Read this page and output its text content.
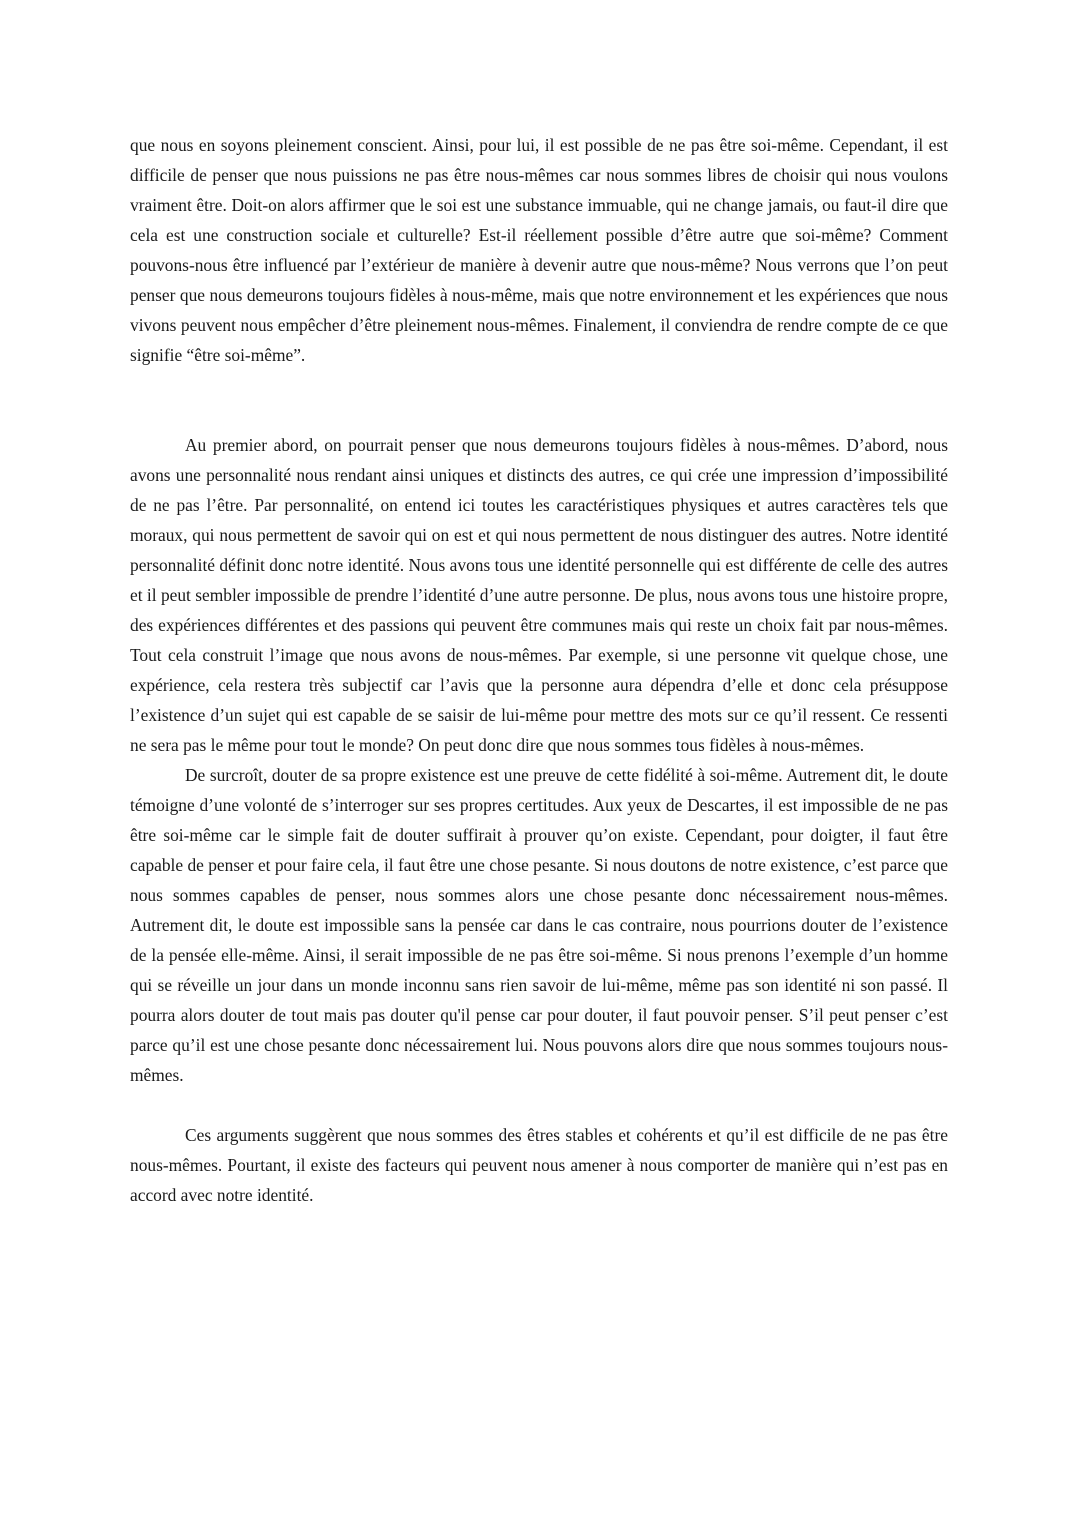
que nous en soyons pleinement conscient. Ainsi, pour lui, il est possible de ne pas être soi-même. Cependant, il est difficile de penser que nous puissions ne pas être nous-mêmes car nous sommes libres de choisir qui nous voulons vraiment être. Doit-on alors affirmer que le soi est une substance immuable, qui ne change jamais, ou faut-il dire que cela est une construction sociale et culturelle? Est-il réellement possible d’être autre que soi-même? Comment pouvons-nous être influencé par l’extérieur de manière à devenir autre que nous-même? Nous verrons que l’on peut penser que nous demeurons toujours fidèles à nous-même, mais que notre environnement et les expériences que nous vivons peuvent nous empêcher d’être pleinement nous-mêmes. Finalement, il conviendra de rendre compte de ce que signifie “être soi-même”.

Au premier abord, on pourrait penser que nous demeurons toujours fidèles à nous-mêmes. D’abord, nous avons une personnalité nous rendant ainsi uniques et distincts des autres, ce qui crée une impression d’impossibilité de ne pas l’être. Par personnalité, on entend ici toutes les caractéristiques physiques et autres caractères tels que moraux, qui nous permettent de savoir qui on est et qui nous permettent de nous distinguer des autres. Notre identité personnalité définit donc notre identité. Nous avons tous une identité personnelle qui est différente de celle des autres et il peut sembler impossible de prendre l’identité d’une autre personne. De plus, nous avons tous une histoire propre, des expériences différentes et des passions qui peuvent être communes mais qui reste un choix fait par nous-mêmes. Tout cela construit l’image que nous avons de nous-mêmes. Par exemple, si une personne vit quelque chose, une expérience, cela restera très subjectif car l’avis que la personne aura dépendra d’elle et donc cela présuppose l’existence d’un sujet qui est capable de se saisir de lui-même pour mettre des mots sur ce qu’il ressent. Ce ressenti ne sera pas le même pour tout le monde? On peut donc dire que nous sommes tous fidèles à nous-mêmes.

De surcroît, douter de sa propre existence est une preuve de cette fidélité à soi-même. Autrement dit, le doute témoigne d’une volonté de s’interroger sur ses propres certitudes. Aux yeux de Descartes, il est impossible de ne pas être soi-même car le simple fait de douter suffirait à prouver qu’on existe. Cependant, pour doigter, il faut être capable de penser et pour faire cela, il faut être une chose pesante. Si nous doutons de notre existence, c’est parce que nous sommes capables de penser, nous sommes alors une chose pesante donc nécessairement nous-mêmes. Autrement dit, le doute est impossible sans la pensée car dans le cas contraire, nous pourrions douter de l’existence de la pensée elle-même. Ainsi, il serait impossible de ne pas être soi-même. Si nous prenons l’exemple d’un homme qui se réveille un jour dans un monde inconnu sans rien savoir de lui-même, même pas son identité ni son passé. Il pourra alors douter de tout mais pas douter qu'il pense car pour douter, il faut pouvoir penser. S’il peut penser c’est parce qu’il est une chose pesante donc nécessairement lui. Nous pouvons alors dire que nous sommes toujours nous-mêmes.

Ces arguments suggèrent que nous sommes des êtres stables et cohérents et qu’il est difficile de ne pas être nous-mêmes. Pourtant, il existe des facteurs qui peuvent nous amener à nous comporter de manière qui n’est pas en accord avec notre identité.
